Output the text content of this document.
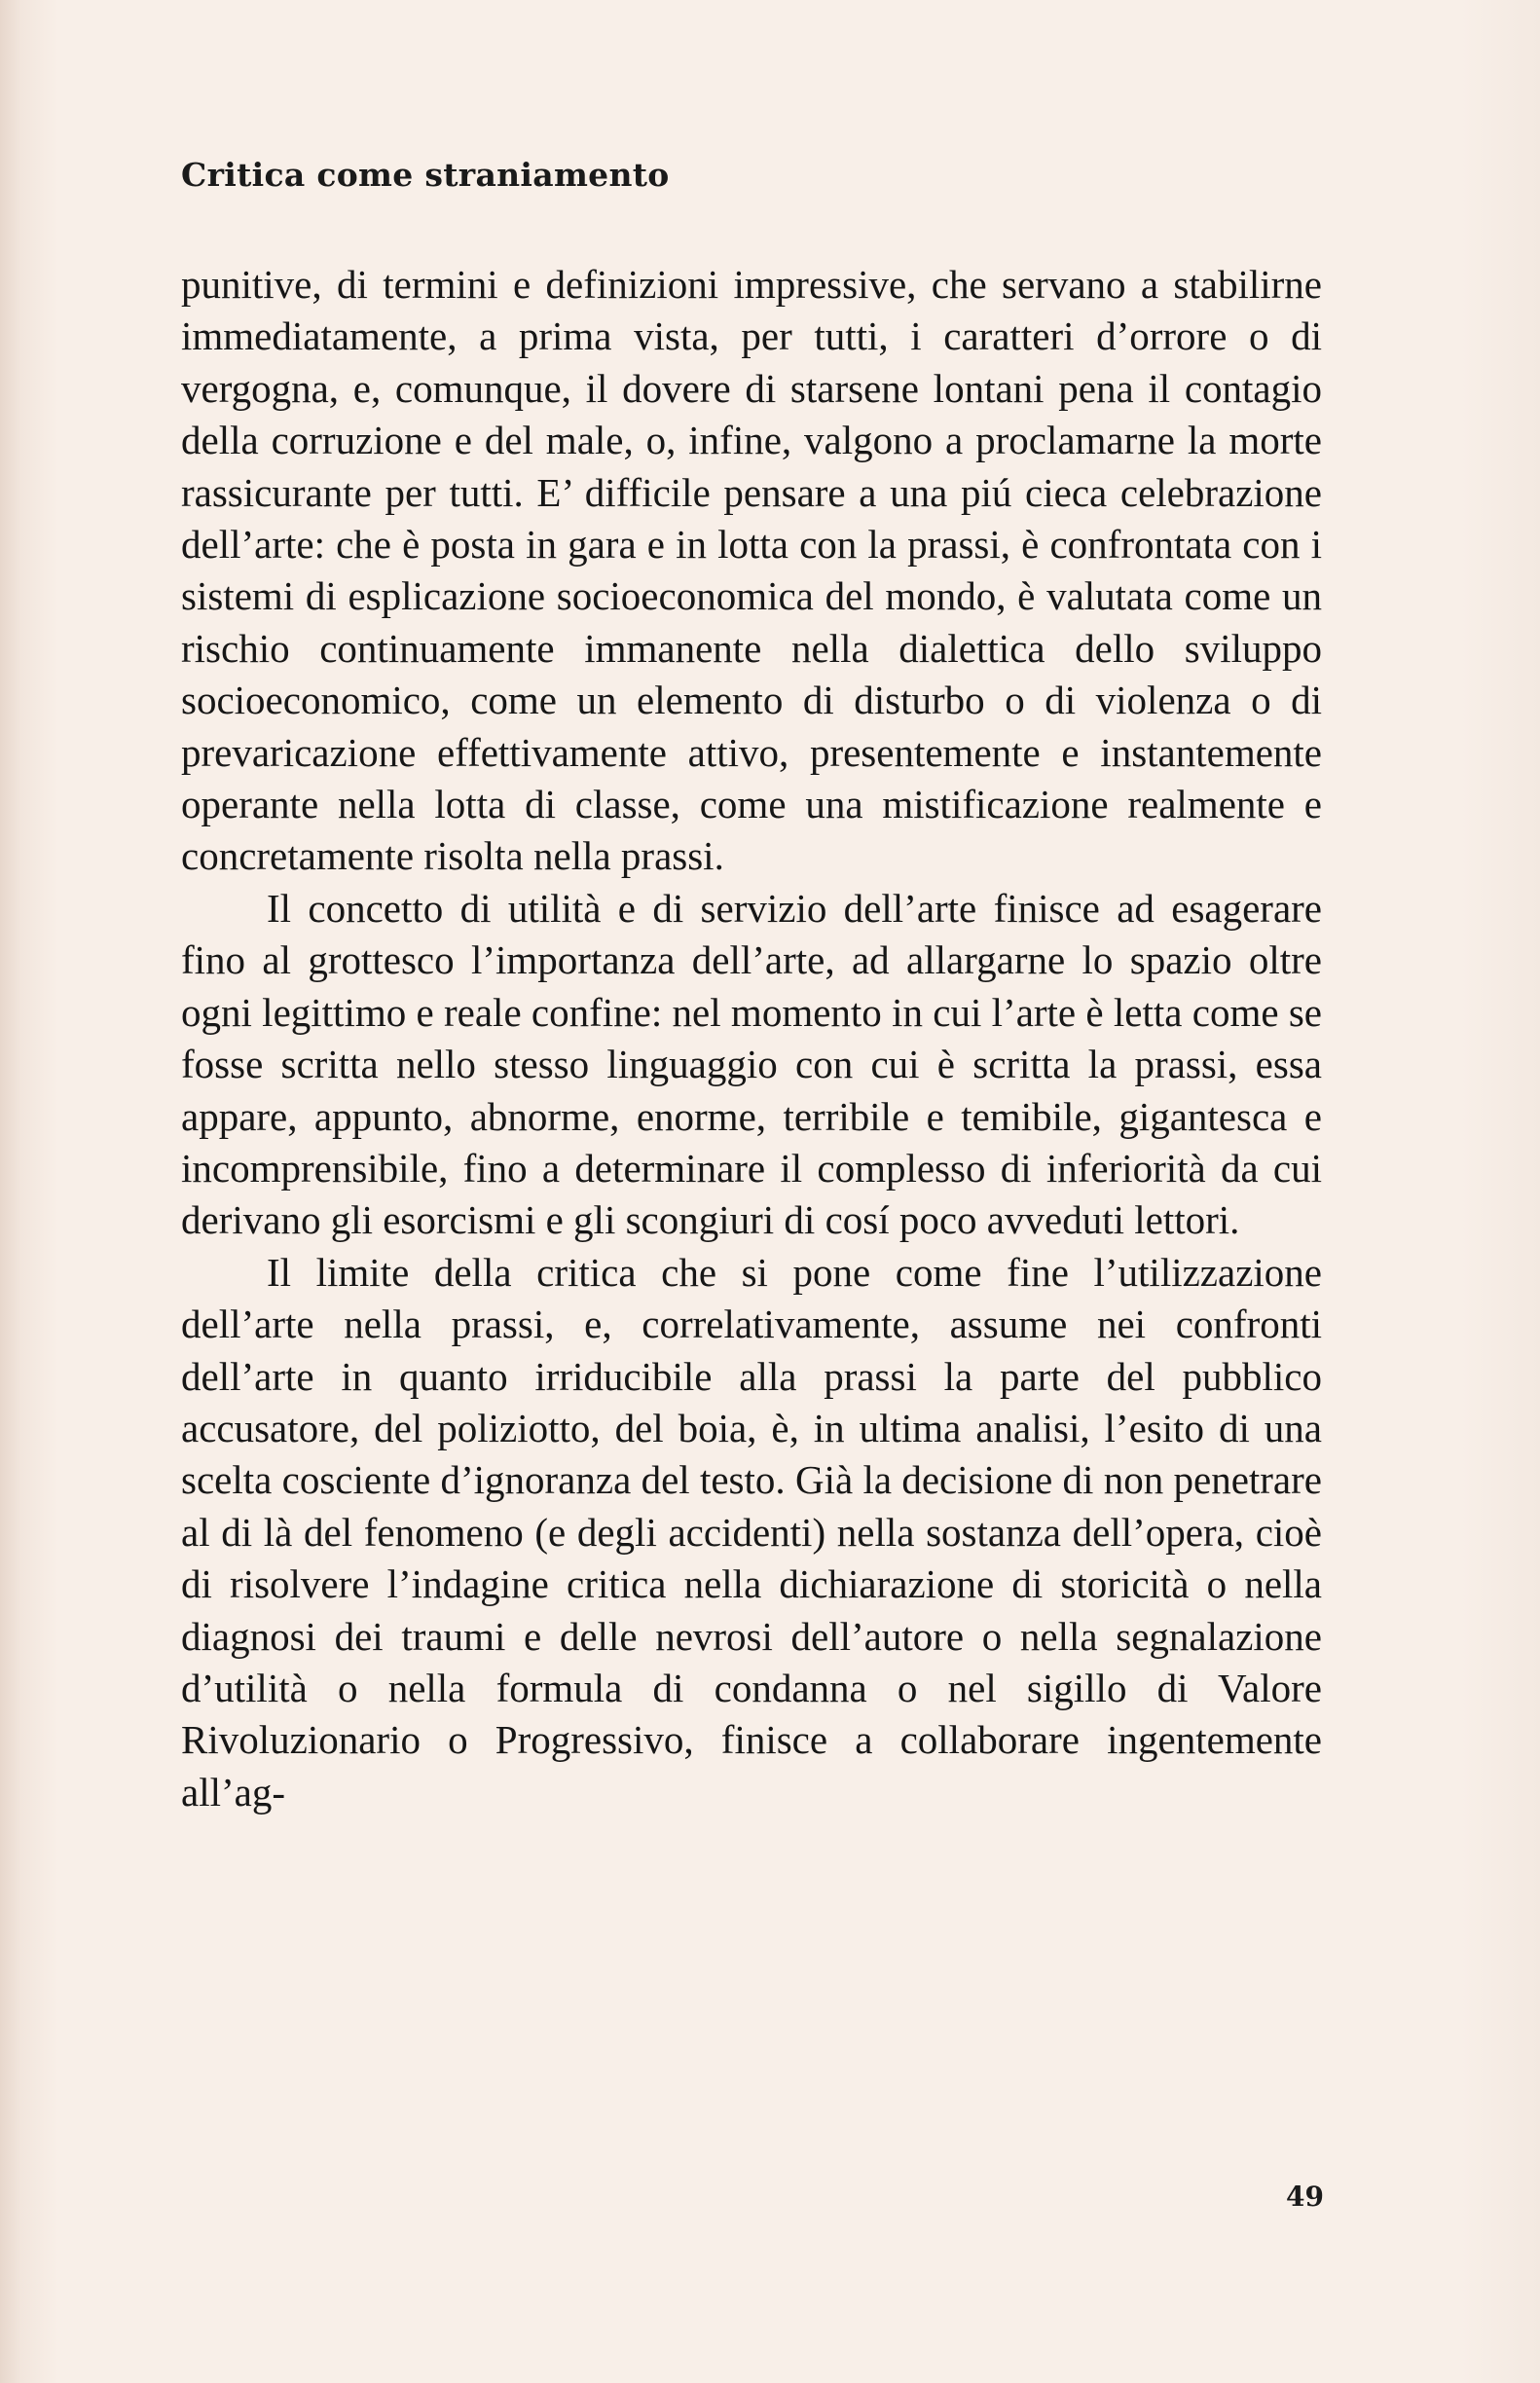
Critica come straniamento

punitive, di termini e definizioni impressive, che servano a stabilirne immediatamente, a prima vista, per tutti, i caratteri d’orrore o di vergogna, e, comunque, il dovere di starsene lontani pena il contagio della corruzione e del male, o, infine, valgono a proclamarne la morte rassicurante per tutti. E’ difficile pensare a una piú cieca celebrazione dell’arte: che è posta in gara e in lotta con la prassi, è confrontata con i sistemi di esplicazione socioeconomica del mondo, è valutata come un rischio continuamente immanente nella dialettica dello sviluppo socioeconomico, come un elemento di disturbo o di violenza o di prevaricazione effettivamente attivo, presentemente e instantemente operante nella lotta di classe, come una mistificazione realmente e concretamente risolta nella prassi.

Il concetto di utilità e di servizio dell’arte finisce ad esagerare fino al grottesco l’importanza dell’arte, ad allargarne lo spazio oltre ogni legittimo e reale confine: nel momento in cui l’arte è letta come se fosse scritta nello stesso linguaggio con cui è scritta la prassi, essa appare, appunto, abnorme, enorme, terribile e temibile, gigantesca e incomprensibile, fino a determinare il complesso di inferiorità da cui derivano gli esorcismi e gli scongiuri di cosí poco avveduti lettori.

Il limite della critica che si pone come fine l’utilizzazione dell’arte nella prassi, e, correlativamente, assume nei confronti dell’arte in quanto irriducibile alla prassi la parte del pubblico accusatore, del poliziotto, del boia, è, in ultima analisi, l’esito di una scelta cosciente d’ignoranza del testo. Già la decisione di non penetrare al di là del fenomeno (e degli accidenti) nella sostanza dell’opera, cioè di risolvere l’indagine critica nella dichiarazione di storicità o nella diagnosi dei traumi e delle nevrosi dell’autore o nella segnalazione d’utilità o nella formula di condanna o nel sigillo di Valore Rivoluzionario o Progressivo, finisce a collaborare ingentemente all’ag-

49
